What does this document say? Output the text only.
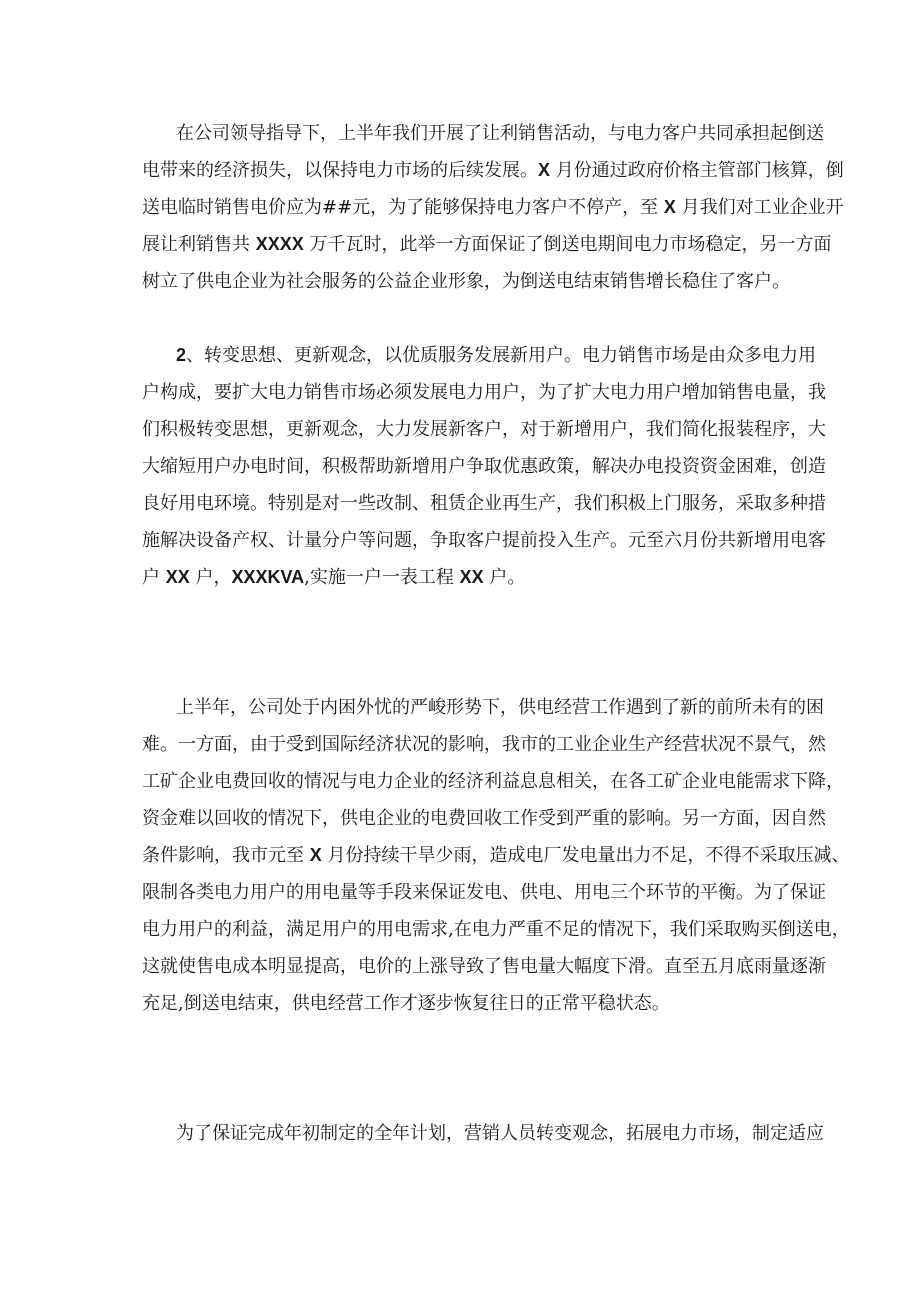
在公司领导指导下，上半年我们开展了让利销售活动，与电力客户共同承担起倒送
电带来的经济损失，以保持电力市场的后续发展。X 月份通过政府价格主管部门核算，倒
送电临时销售电价应为##元，为了能够保持电力客户不停产，至 X 月我们对工业企业开
展让利销售共 XXXX 万千瓦时，此举一方面保证了倒送电期间电力市场稳定，另一方面
树立了供电企业为社会服务的公益企业形象，为倒送电结束销售增长稳住了客户。
2、转变思想、更新观念，以优质服务发展新用户。电力销售市场是由众多电力用
户构成，要扩大电力销售市场必须发展电力用户，为了扩大电力用户增加销售电量，我
们积极转变思想，更新观念，大力发展新客户，对于新增用户，我们简化报装程序，大
大缩短用户办电时间，积极帮助新增用户争取优惠政策，解决办电投资资金困难，创造
良好用电环境。特别是对一些改制、租赁企业再生产，我们积极上门服务，采取多种措
施解决设备产权、计量分户等问题，争取客户提前投入生产。元至六月份共新增用电客
户 XX 户，XXXKVA,实施一户一表工程 XX 户。
上半年，公司处于内困外忧的严峻形势下，供电经营工作遇到了新的前所未有的困
难。一方面，由于受到国际经济状况的影响，我市的工业企业生产经营状况不景气，然
工矿企业电费回收的情况与电力企业的经济利益息息相关，在各工矿企业电能需求下降，
资金难以回收的情况下，供电企业的电费回收工作受到严重的影响。另一方面，因自然
条件影响，我市元至 X 月份持续干旱少雨，造成电厂发电量出力不足，不得不采取压减、
限制各类电力用户的用电量等手段来保证发电、供电、用电三个环节的平衡。为了保证
电力用户的利益，满足用户的用电需求,在电力严重不足的情况下，我们采取购买倒送电，
这就使售电成本明显提高，电价的上涨导致了售电量大幅度下滑。直至五月底雨量逐渐
充足,倒送电结束，供电经营工作才逐步恢复往日的正常平稳状态。
为了保证完成年初制定的全年计划，营销人员转变观念，拓展电力市场，制定适应
